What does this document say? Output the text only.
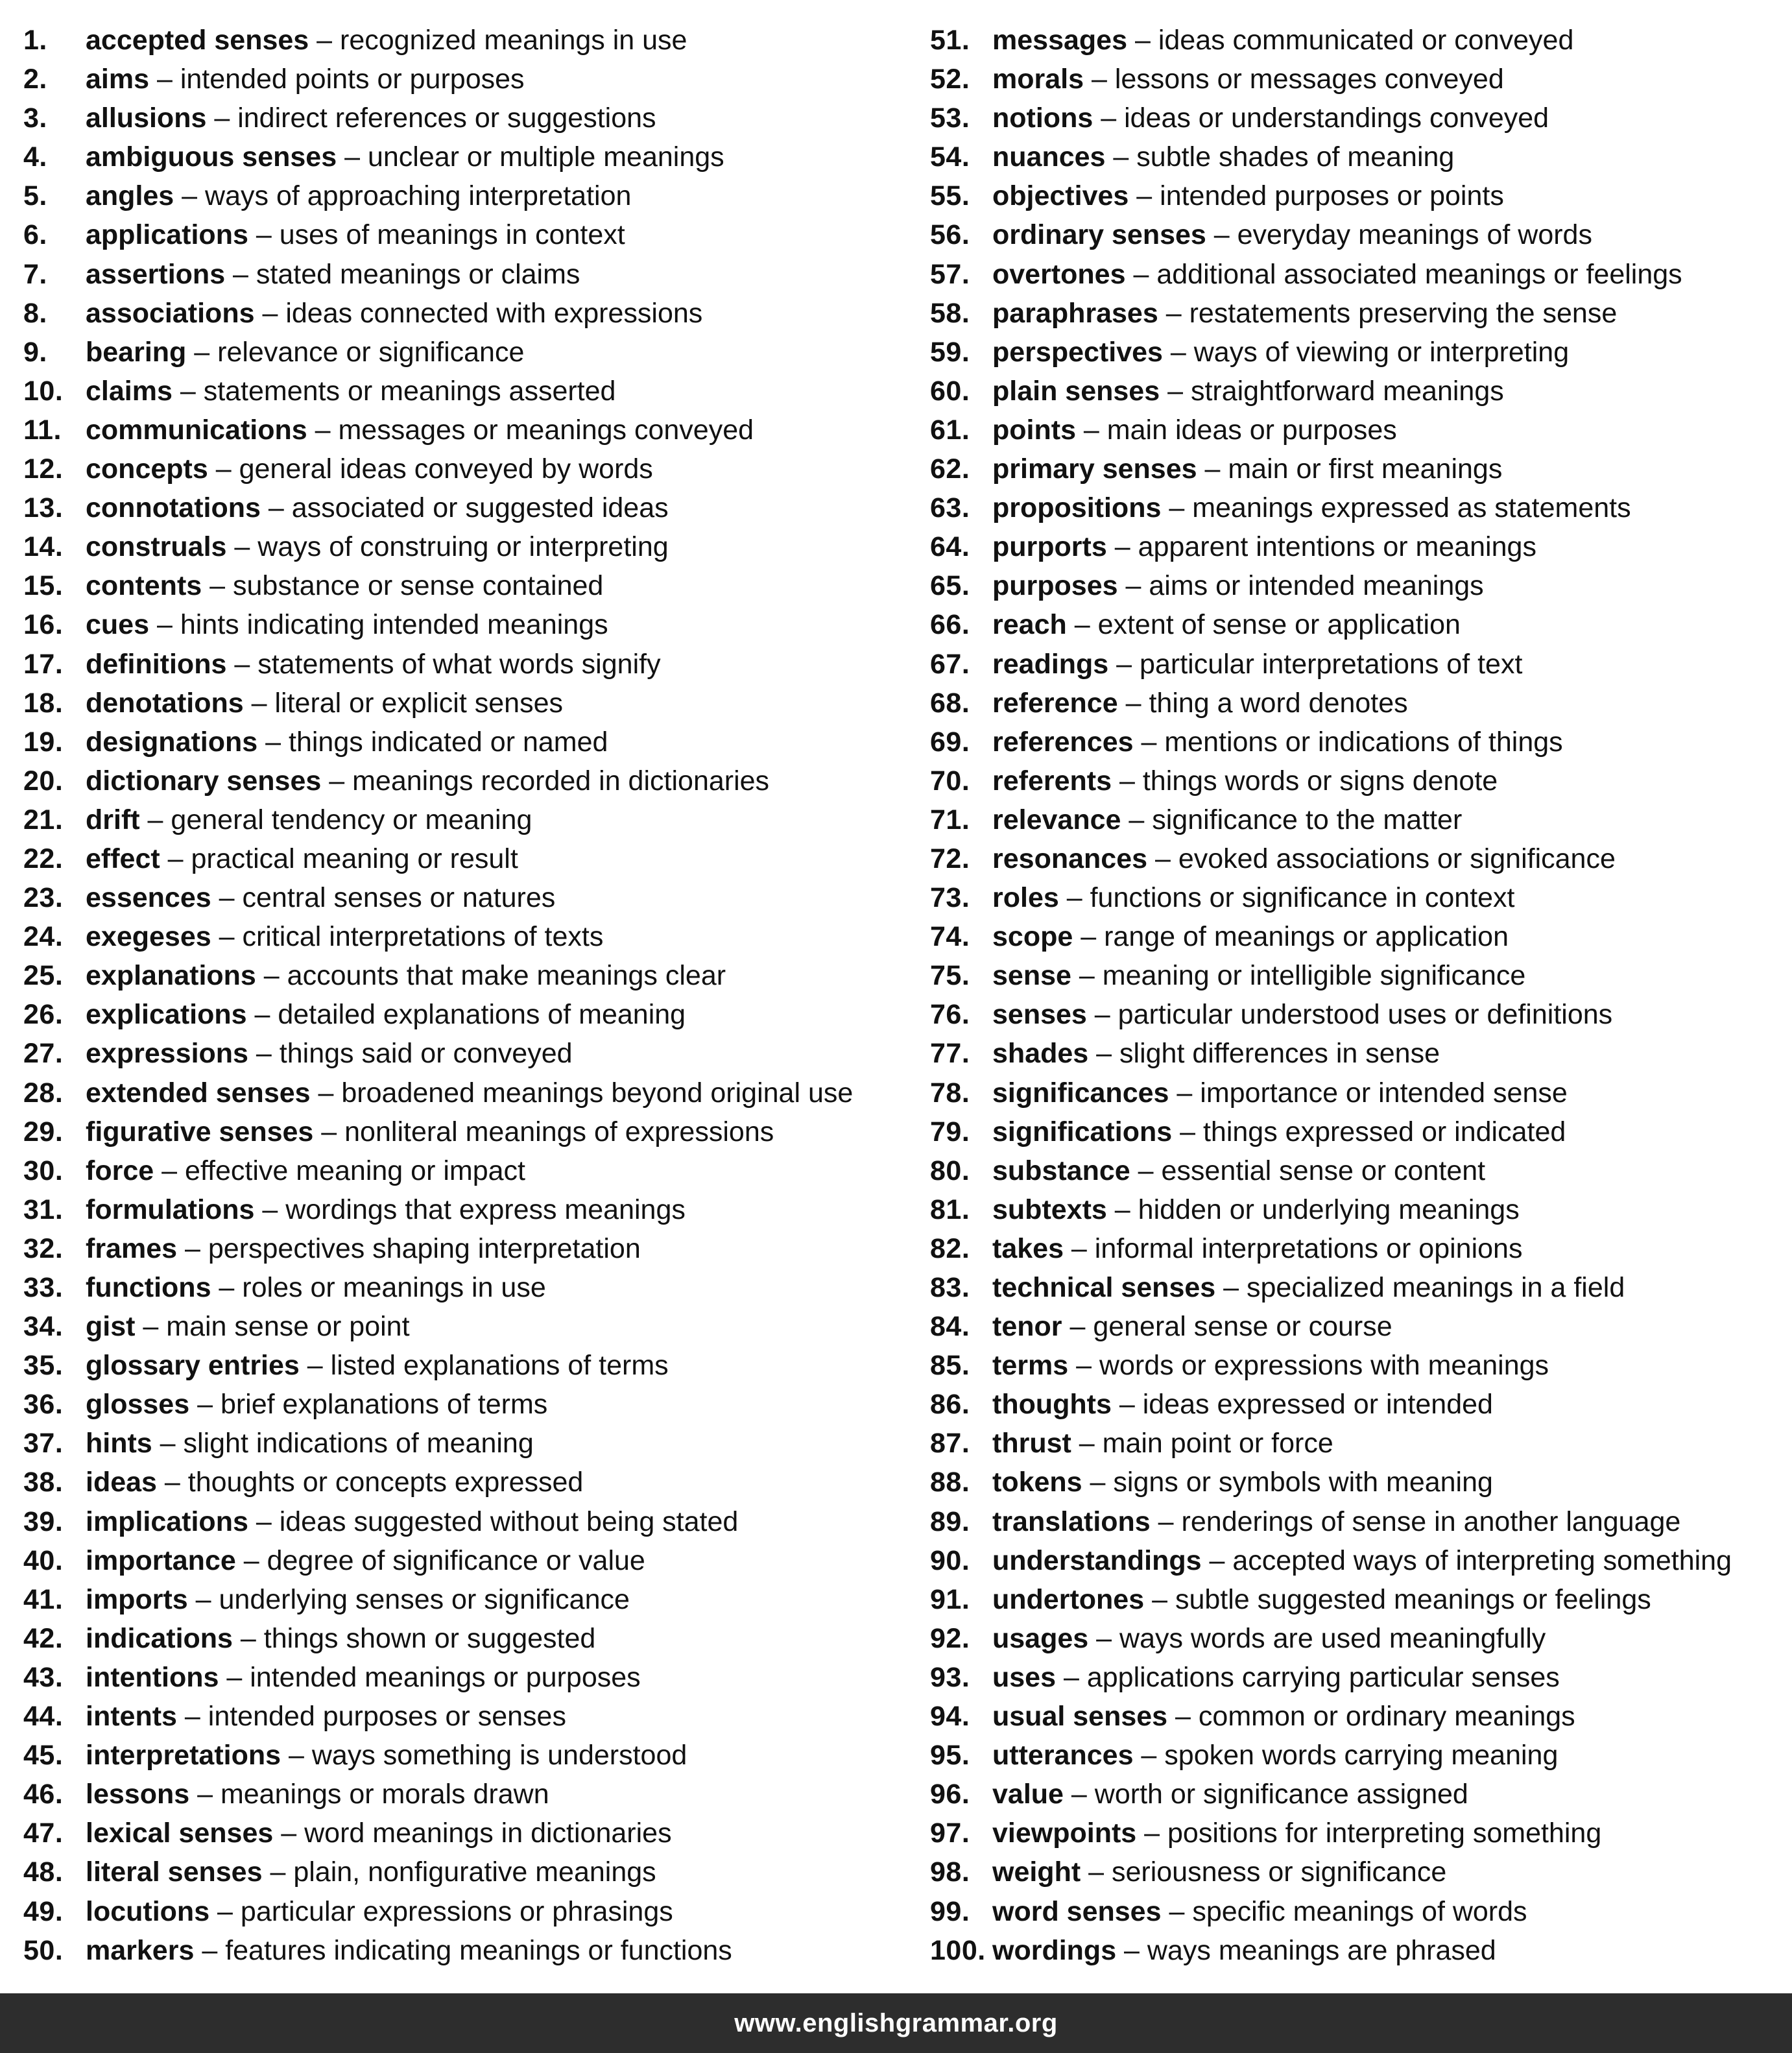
1. accepted senses – recognized meanings in use
2. aims – intended points or purposes
3. allusions – indirect references or suggestions
4. ambiguous senses – unclear or multiple meanings
5. angles – ways of approaching interpretation
6. applications – uses of meanings in context
7. assertions – stated meanings or claims
8. associations – ideas connected with expressions
9. bearing – relevance or significance
10. claims – statements or meanings asserted
11. communications – messages or meanings conveyed
12. concepts – general ideas conveyed by words
13. connotations – associated or suggested ideas
14. construals – ways of construing or interpreting
15. contents – substance or sense contained
16. cues – hints indicating intended meanings
17. definitions – statements of what words signify
18. denotations – literal or explicit senses
19. designations – things indicated or named
20. dictionary senses – meanings recorded in dictionaries
21. drift – general tendency or meaning
22. effect – practical meaning or result
23. essences – central senses or natures
24. exegeses – critical interpretations of texts
25. explanations – accounts that make meanings clear
26. explications – detailed explanations of meaning
27. expressions – things said or conveyed
28. extended senses – broadened meanings beyond original use
29. figurative senses – nonliteral meanings of expressions
30. force – effective meaning or impact
31. formulations – wordings that express meanings
32. frames – perspectives shaping interpretation
33. functions – roles or meanings in use
34. gist – main sense or point
35. glossary entries – listed explanations of terms
36. glosses – brief explanations of terms
37. hints – slight indications of meaning
38. ideas – thoughts or concepts expressed
39. implications – ideas suggested without being stated
40. importance – degree of significance or value
41. imports – underlying senses or significance
42. indications – things shown or suggested
43. intentions – intended meanings or purposes
44. intents – intended purposes or senses
45. interpretations – ways something is understood
46. lessons – meanings or morals drawn
47. lexical senses – word meanings in dictionaries
48. literal senses – plain, nonfigurative meanings
49. locutions – particular expressions or phrasings
50. markers – features indicating meanings or functions
51. messages – ideas communicated or conveyed
52. morals – lessons or messages conveyed
53. notions – ideas or understandings conveyed
54. nuances – subtle shades of meaning
55. objectives – intended purposes or points
56. ordinary senses – everyday meanings of words
57. overtones – additional associated meanings or feelings
58. paraphrases – restatements preserving the sense
59. perspectives – ways of viewing or interpreting
60. plain senses – straightforward meanings
61. points – main ideas or purposes
62. primary senses – main or first meanings
63. propositions – meanings expressed as statements
64. purports – apparent intentions or meanings
65. purposes – aims or intended meanings
66. reach – extent of sense or application
67. readings – particular interpretations of text
68. reference – thing a word denotes
69. references – mentions or indications of things
70. referents – things words or signs denote
71. relevance – significance to the matter
72. resonances – evoked associations or significance
73. roles – functions or significance in context
74. scope – range of meanings or application
75. sense – meaning or intelligible significance
76. senses – particular understood uses or definitions
77. shades – slight differences in sense
78. significances – importance or intended sense
79. significations – things expressed or indicated
80. substance – essential sense or content
81. subtexts – hidden or underlying meanings
82. takes – informal interpretations or opinions
83. technical senses – specialized meanings in a field
84. tenor – general sense or course
85. terms – words or expressions with meanings
86. thoughts – ideas expressed or intended
87. thrust – main point or force
88. tokens – signs or symbols with meaning
89. translations – renderings of sense in another language
90. understandings – accepted ways of interpreting something
91. undertones – subtle suggested meanings or feelings
92. usages – ways words are used meaningfully
93. uses – applications carrying particular senses
94. usual senses – common or ordinary meanings
95. utterances – spoken words carrying meaning
96. value – worth or significance assigned
97. viewpoints – positions for interpreting something
98. weight – seriousness or significance
99. word senses – specific meanings of words
100. wordings – ways meanings are phrased
www.englishgrammar.org
